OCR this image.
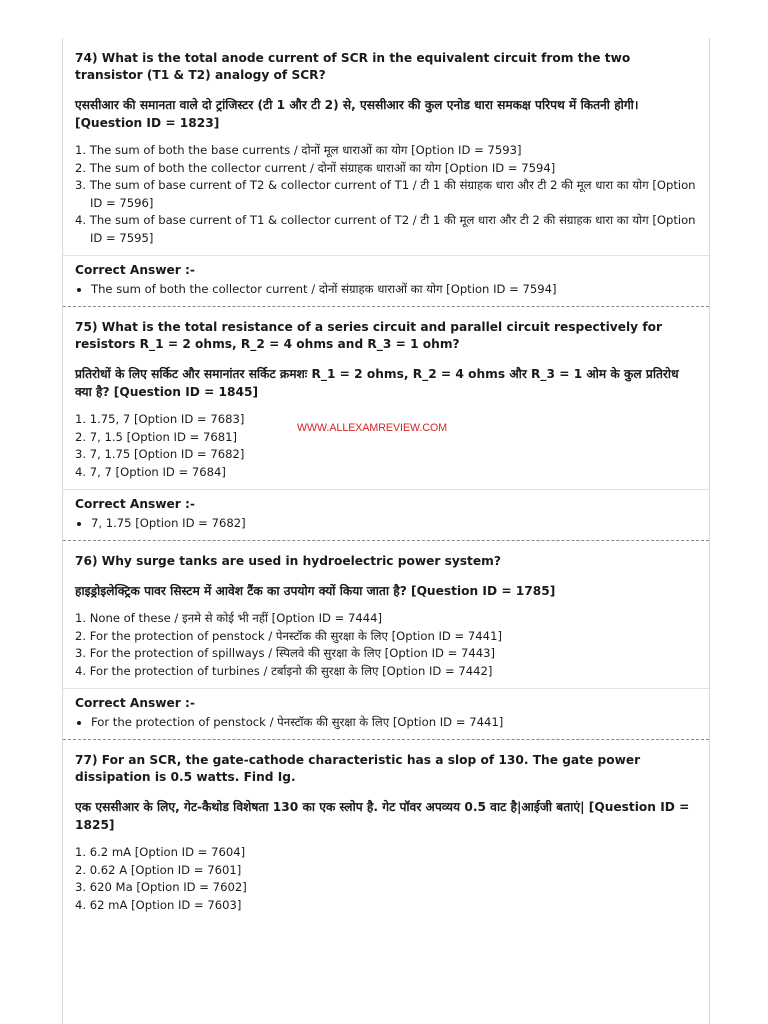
74) What is the total anode current of SCR in the equivalent circuit from the two transistor (T1 & T2) analogy of SCR?

एससीआर की समानता वाले दो ट्रांजिस्टर (टी 1 और टी 2) से, एससीआर की कुल एनोड धारा समकक्ष परिपथ में कितनी होगी। [Question ID = 1823]

1. The sum of both the base currents / दोनों मूल धाराओं का योग [Option ID = 7593]
2. The sum of both the collector current / दोनों संग्राहक धाराओं का योग [Option ID = 7594]
3. The sum of base current of T2 & collector current of T1 / टी 1 की संग्राहक धारा और टी 2 की मूल धारा का योग [Option ID = 7596]
4. The sum of base current of T1 & collector current of T2 / टी 1 की मूल धारा और टी 2 की संग्राहक धारा का योग [Option ID = 7595]

Correct Answer :-

• The sum of both the collector current / दोनों संग्राहक धाराओं का योग [Option ID = 7594]

75) What is the total resistance of a series circuit and parallel circuit respectively for resistors R_1 = 2 ohms, R_2 = 4 ohms and R_3 = 1 ohm?

प्रतिरोधों के लिए सर्किट और समानांतर सर्किट क्रमशः R_1 = 2 ohms, R_2 = 4 ohms और R_3 = 1 ओम के कुल प्रतिरोध क्या है? [Question ID = 1845]

1. 1.75, 7 [Option ID = 7683]
2. 7, 1.5 [Option ID = 7681]
3. 7, 1.75 [Option ID = 7682]
4. 7, 7 [Option ID = 7684]

Correct Answer :-

• 7, 1.75 [Option ID = 7682]

76) Why surge tanks are used in hydroelectric power system?

हाइड्रोइलेक्ट्रिक पावर सिस्टम में आवेश टैंक का उपयोग क्यों किया जाता है? [Question ID = 1785]

1. None of these / इनमे से कोई भी नहीं [Option ID = 7444]
2. For the protection of penstock / पेनस्टॉक की सुरक्षा के लिए [Option ID = 7441]
3. For the protection of spillways / स्पिलवे की सुरक्षा के लिए [Option ID = 7443]
4. For the protection of turbines / टर्बाइनो की सुरक्षा के लिए [Option ID = 7442]

Correct Answer :-

• For the protection of penstock / पेनस्टॉक की सुरक्षा के लिए [Option ID = 7441]

77) For an SCR, the gate-cathode characteristic has a slop of 130. The gate power dissipation is 0.5 watts. Find Ig.

एक एससीआर के लिए, गेट-कैथोड विशेषता 130 का एक स्लोप है. गेट पॉवर अपव्यय 0.5 वाट है|आईजी बताएं| [Question ID = 1825]

1. 6.2 mA [Option ID = 7604]
2. 0.62 A [Option ID = 7601]
3. 620 Ma [Option ID = 7602]
4. 62 mA [Option ID = 7603]
WWW.ALLEXAMREVIEW.COM
